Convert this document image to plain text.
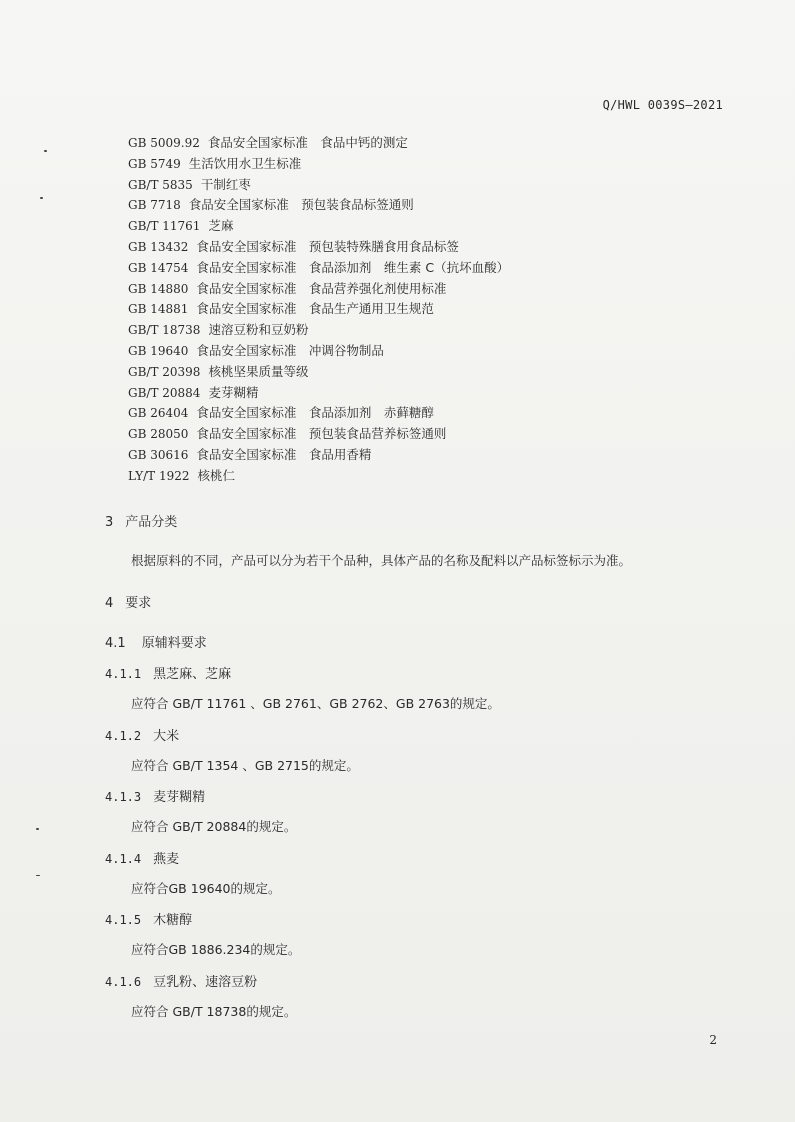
Q/HWL 0039S—2021
GB 5009.92 食品安全国家标准　食品中钙的测定
GB 5749 生活饮用水卫生标准
GB/T 5835 干制红枣
GB 7718 食品安全国家标准　预包装食品标签通则
GB/T 11761 芝麻
GB 13432 食品安全国家标准　预包装特殊膳食用食品标签
GB 14754 食品安全国家标准　食品添加剂　维生素 C（抗坏血酸）
GB 14880 食品安全国家标准　食品营养强化剂使用标准
GB 14881 食品安全国家标准　食品生产通用卫生规范
GB/T 18738 速溶豆粉和豆奶粉
GB 19640 食品安全国家标准　冲调谷物制品
GB/T 20398 核桃坚果质量等级
GB/T 20884 麦芽糊精
GB 26404 食品安全国家标准　食品添加剂　赤藓糖醇
GB 28050 食品安全国家标准　预包装食品营养标签通则
GB 30616 食品安全国家标准　食品用香精
LY/T 1922 核桃仁
3 产品分类
根据原料的不同，产品可以分为若干个品种，具体产品的名称及配料以产品标签标示为准。
4 要求
4.1 原辅料要求
4.1.1 黑芝麻、芝麻
应符合 GB/T 11761 、GB 2761、GB 2762、GB 2763的规定。
4.1.2 大米
应符合 GB/T 1354 、GB 2715的规定。
4.1.3 麦芽糊精
应符合 GB/T 20884的规定。
4.1.4 燕麦
应符合GB 19640的规定。
4.1.5 木糖醇
应符合GB 1886.234的规定。
4.1.6 豆乳粉、速溶豆粉
应符合 GB/T 18738的规定。
2
